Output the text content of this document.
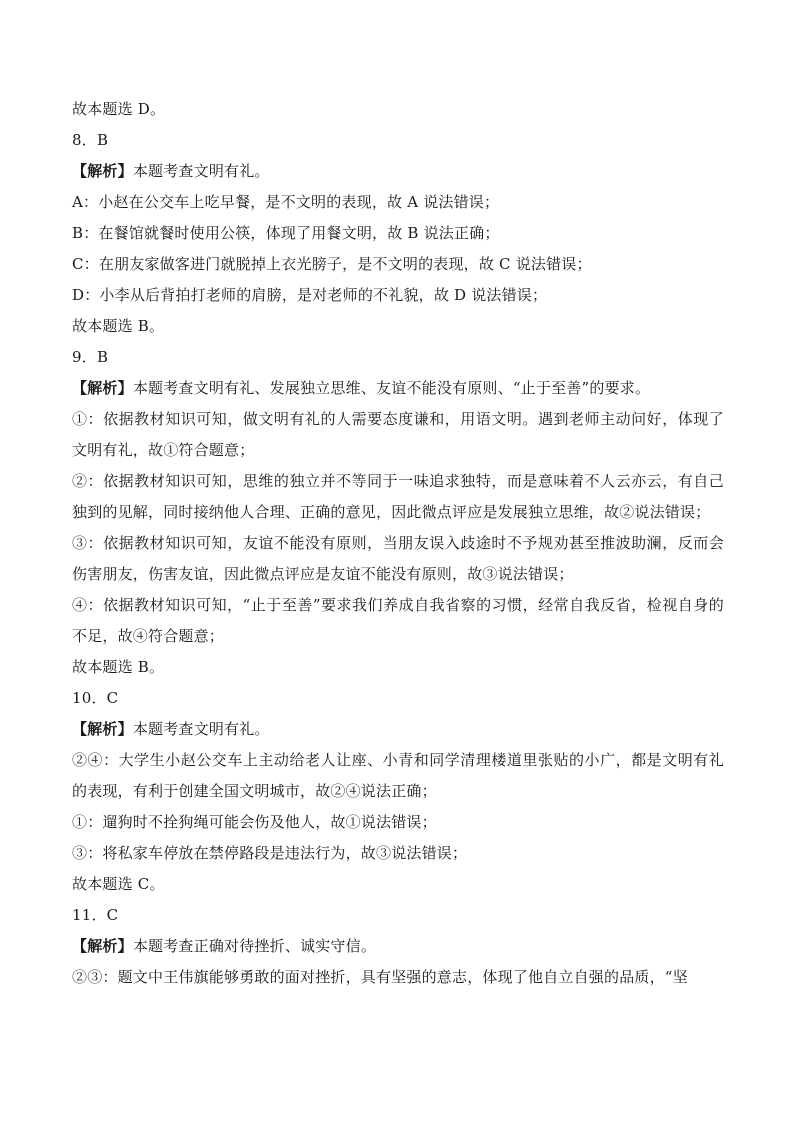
故本题选 D。
8．B
【解析】本题考查文明有礼。
A：小赵在公交车上吃早餐，是不文明的表现，故 A 说法错误；
B：在餐馆就餐时使用公筷，体现了用餐文明，故 B 说法正确；
C：在朋友家做客进门就脱掉上衣光膀子，是不文明的表现，故 C 说法错误；
D：小李从后背拍打老师的肩膀，是对老师的不礼貌，故 D 说法错误；
故本题选 B。
9．B
【解析】本题考查文明有礼、发展独立思维、友谊不能没有原则、“止于至善”的要求。
①：依据教材知识可知，做文明有礼的人需要态度谦和，用语文明。遇到老师主动问好，体现了文明有礼，故①符合题意；
②：依据教材知识可知，思维的独立并不等同于一味追求独特，而是意味着不人云亦云，有自己独到的见解，同时接纳他人合理、正确的意见，因此微点评应是发展独立思维，故②说法错误；
③：依据教材知识可知，友谊不能没有原则，当朋友误入歧途时不予规劝甚至推波助澜，反而会伤害朋友，伤害友谊，因此微点评应是友谊不能没有原则，故③说法错误；
④：依据教材知识可知，“止于至善”要求我们养成自我省察的习惯，经常自我反省，检视自身的不足，故④符合题意；
故本题选 B。
10．C
【解析】本题考查文明有礼。
②④：大学生小赵公交车上主动给老人让座、小青和同学清理楼道里张贴的小广，都是文明有礼的表现，有利于创建全国文明城市，故②④说法正确；
①：遛狗时不拴狗绳可能会伤及他人，故①说法错误；
③：将私家车停放在禁停路段是违法行为，故③说法错误；
故本题选 C。
11．C
【解析】本题考查正确对待挫折、诚实守信。
②③：题文中王伟旗能够勇敢的面对挫折，具有坚强的意志，体现了他自立自强的品质，“坚
